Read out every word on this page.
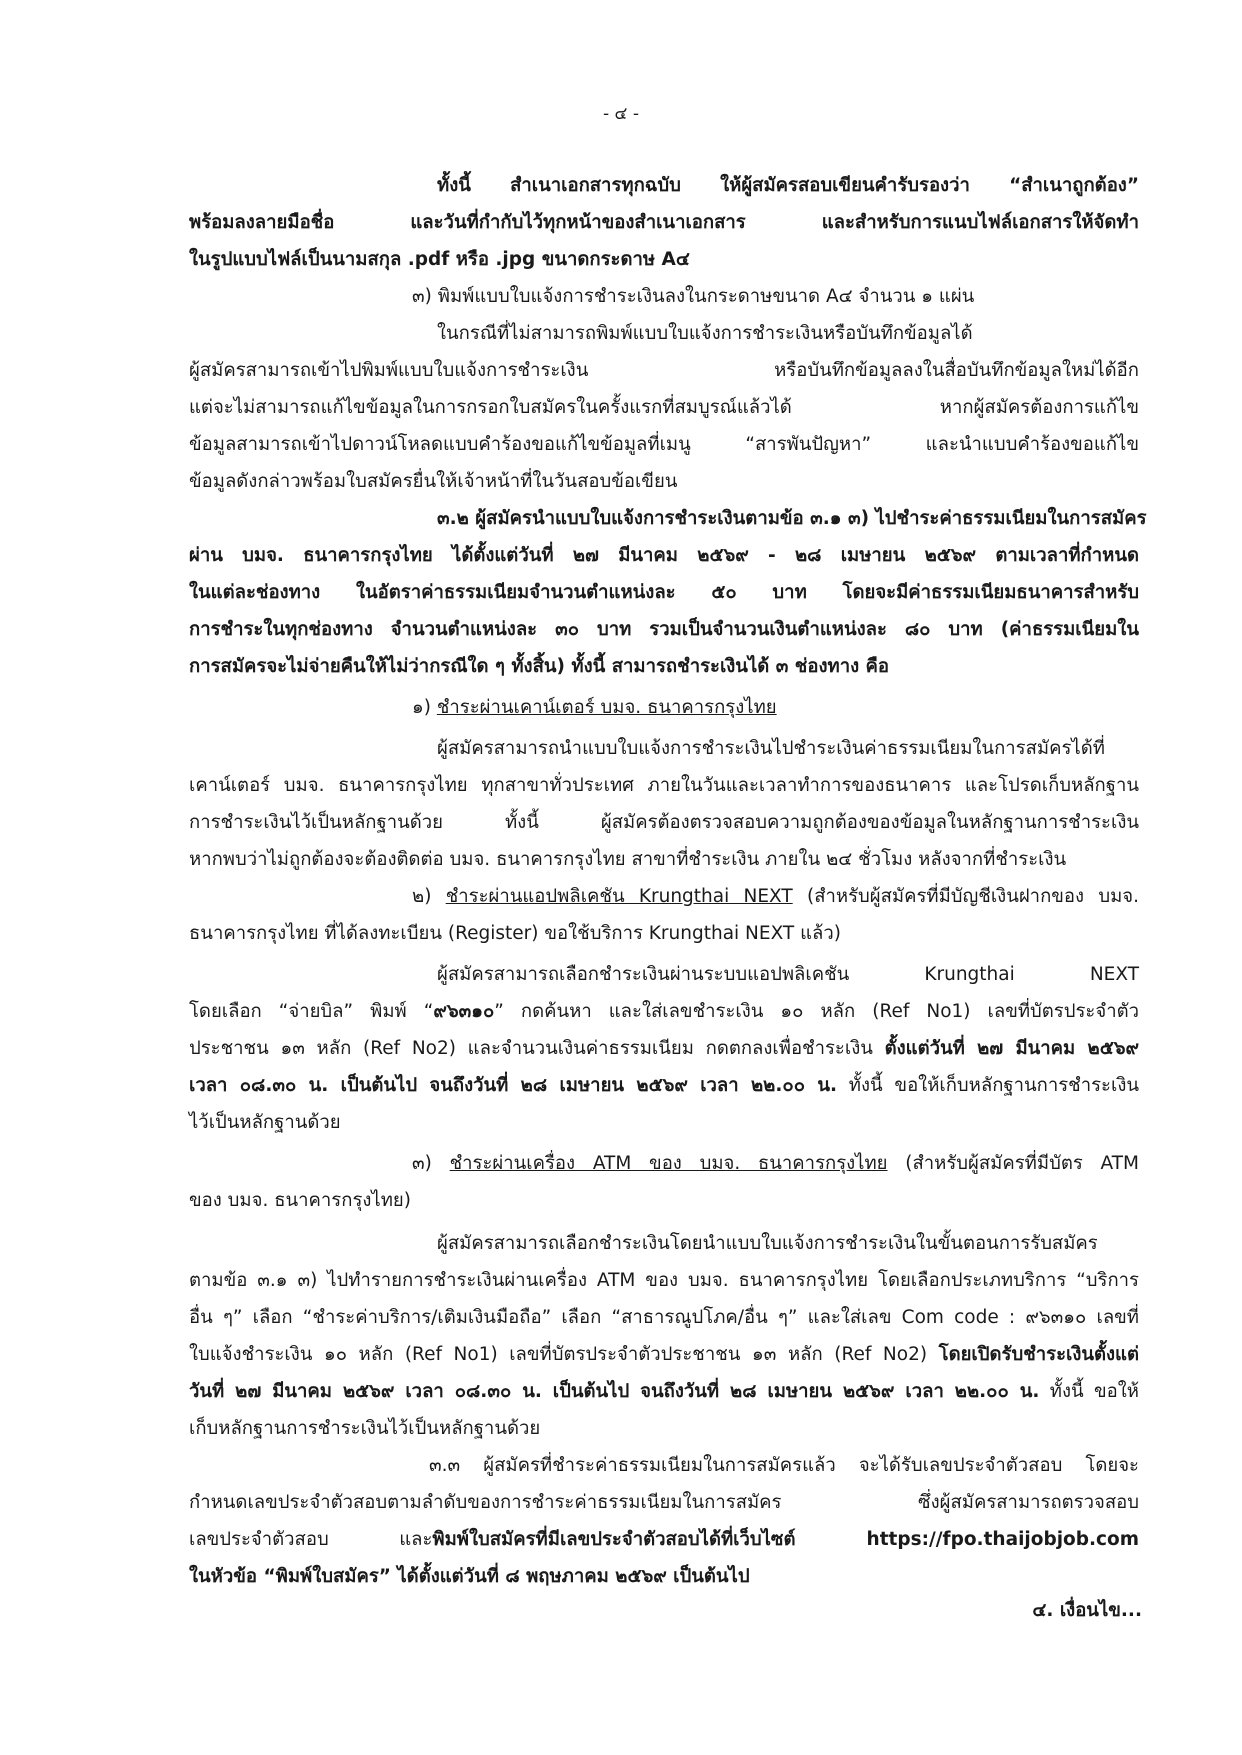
- ๔ -
ทั้งนี้ สำเนาเอกสารทุกฉบับ ให้ผู้สมัครสอบเขียนคำรับรองว่า “สำเนาถูกต้อง”
พร้อมลงลายมือชื่อ และวันที่กำกับไว้ทุกหน้าของสำเนาเอกสาร และสำหรับการแนบไฟล์เอกสารให้จัดทำ
ในรูปแบบไฟล์เป็นนามสกุล .pdf หรือ .jpg ขนาดกระดาษ A๔
๓) พิมพ์แบบใบแจ้งการชำระเงินลงในกระดาษขนาด A๔ จำนวน ๑ แผ่น
ในกรณีที่ไม่สามารถพิมพ์แบบใบแจ้งการชำระเงินหรือบันทึกข้อมูลได้
ผู้สมัครสามารถเข้าไปพิมพ์แบบใบแจ้งการชำระเงิน หรือบันทึกข้อมูลลงในสื่อบันทึกข้อมูลใหม่ได้อีก
แต่จะไม่สามารถแก้ไขข้อมูลในการกรอกใบสมัครในครั้งแรกที่สมบูรณ์แล้วได้ หากผู้สมัครต้องการแก้ไข
ข้อมูลสามารถเข้าไปดาวน์โหลดแบบคำร้องขอแก้ไขข้อมูลที่เมนู “สารพันปัญหา” และนำแบบคำร้องขอแก้ไข
ข้อมูลดังกล่าวพร้อมใบสมัครยื่นให้เจ้าหน้าที่ในวันสอบข้อเขียน
๓.๒ ผู้สมัครนำแบบใบแจ้งการชำระเงินตามข้อ ๓.๑ ๓) ไปชำระค่าธรรมเนียมในการสมัคร
ผ่าน บมจ. ธนาคารกรุงไทย ได้ตั้งแต่วันที่ ๒๗ มีนาคม ๒๕๖๙ - ๒๘ เมษายน ๒๕๖๙ ตามเวลาที่กำหนด
ในแต่ละช่องทาง ในอัตราค่าธรรมเนียมจำนวนตำแหน่งละ ๕๐ บาท โดยจะมีค่าธรรมเนียมธนาคารสำหรับ
การชำระในทุกช่องทาง จำนวนตำแหน่งละ ๓๐ บาท รวมเป็นจำนวนเงินตำแหน่งละ ๘๐ บาท (ค่าธรรมเนียมใน
การสมัครจะไม่จ่ายคืนให้ไม่ว่ากรณีใด ๆ ทั้งสิ้น) ทั้งนี้ สามารถชำระเงินได้ ๓ ช่องทาง คือ
๑) ชำระผ่านเคาน์เตอร์ บมจ. ธนาคารกรุงไทย
ผู้สมัครสามารถนำแบบใบแจ้งการชำระเงินไปชำระเงินค่าธรรมเนียมในการสมัครได้ที่
เคาน์เตอร์ บมจ. ธนาคารกรุงไทย ทุกสาขาทั่วประเทศ ภายในวันและเวลาทำการของธนาคาร และโปรดเก็บหลักฐาน
การชำระเงินไว้เป็นหลักฐานด้วย ทั้งนี้ ผู้สมัครต้องตรวจสอบความถูกต้องของข้อมูลในหลักฐานการชำระเงิน
หากพบว่าไม่ถูกต้องจะต้องติดต่อ บมจ. ธนาคารกรุงไทย สาขาที่ชำระเงิน ภายใน ๒๔ ชั่วโมง หลังจากที่ชำระเงิน
๒) ชำระผ่านแอปพลิเคชัน Krungthai NEXT (สำหรับผู้สมัครที่มีบัญชีเงินฝากของ บมจ.
ธนาคารกรุงไทย ที่ได้ลงทะเบียน (Register) ขอใช้บริการ Krungthai NEXT แล้ว)
ผู้สมัครสามารถเลือกชำระเงินผ่านระบบแอปพลิเคชัน Krungthai NEXT
โดยเลือก “จ่ายบิล” พิมพ์ “๙๖๓๑๐” กดค้นหา และใส่เลขชำระเงิน ๑๐ หลัก (Ref No1) เลขที่บัตรประจำตัว
ประชาชน ๑๓ หลัก (Ref No2) และจำนวนเงินค่าธรรมเนียม กดตกลงเพื่อชำระเงิน ตั้งแต่วันที่ ๒๗ มีนาคม ๒๕๖๙
เวลา ๐๘.๓๐ น. เป็นต้นไป จนถึงวันที่ ๒๘ เมษายน ๒๕๖๙ เวลา ๒๒.๐๐ น. ทั้งนี้ ขอให้เก็บหลักฐานการชำระเงิน
ไว้เป็นหลักฐานด้วย
๓) ชำระผ่านเครื่อง ATM ของ บมจ. ธนาคารกรุงไทย (สำหรับผู้สมัครที่มีบัตร ATM
ของ บมจ. ธนาคารกรุงไทย)
ผู้สมัครสามารถเลือกชำระเงินโดยนำแบบใบแจ้งการชำระเงินในขั้นตอนการรับสมัคร
ตามข้อ ๓.๑ ๓) ไปทำรายการชำระเงินผ่านเครื่อง ATM ของ บมจ. ธนาคารกรุงไทย โดยเลือกประเภทบริการ “บริการ
อื่น ๆ” เลือก “ชำระค่าบริการ/เติมเงินมือถือ” เลือก “สาธารณูปโภค/อื่น ๆ” และใส่เลข Com code : ๙๖๓๑๐ เลขที่
ใบแจ้งชำระเงิน ๑๐ หลัก (Ref No1) เลขที่บัตรประจำตัวประชาชน ๑๓ หลัก (Ref No2) โดยเปิดรับชำระเงินตั้งแต่
วันที่ ๒๗ มีนาคม ๒๕๖๙ เวลา ๐๘.๓๐ น. เป็นต้นไป จนถึงวันที่ ๒๘ เมษายน ๒๕๖๙ เวลา ๒๒.๐๐ น. ทั้งนี้ ขอให้
เก็บหลักฐานการชำระเงินไว้เป็นหลักฐานด้วย
๓.๓ ผู้สมัครที่ชำระค่าธรรมเนียมในการสมัครแล้ว จะได้รับเลขประจำตัวสอบ โดยจะ
กำหนดเลขประจำตัวสอบตามลำดับของการชำระค่าธรรมเนียมในการสมัคร ซึ่งผู้สมัครสามารถตรวจสอบ
เลขประจำตัวสอบ และพิมพ์ใบสมัครที่มีเลขประจำตัวสอบได้ที่เว็บไซต์ https://fpo.thaijobjob.com
ในหัวข้อ “พิมพ์ใบสมัคร” ได้ตั้งแต่วันที่ ๘ พฤษภาคม ๒๕๖๙ เป็นต้นไป
๔. เงื่อนไข...
